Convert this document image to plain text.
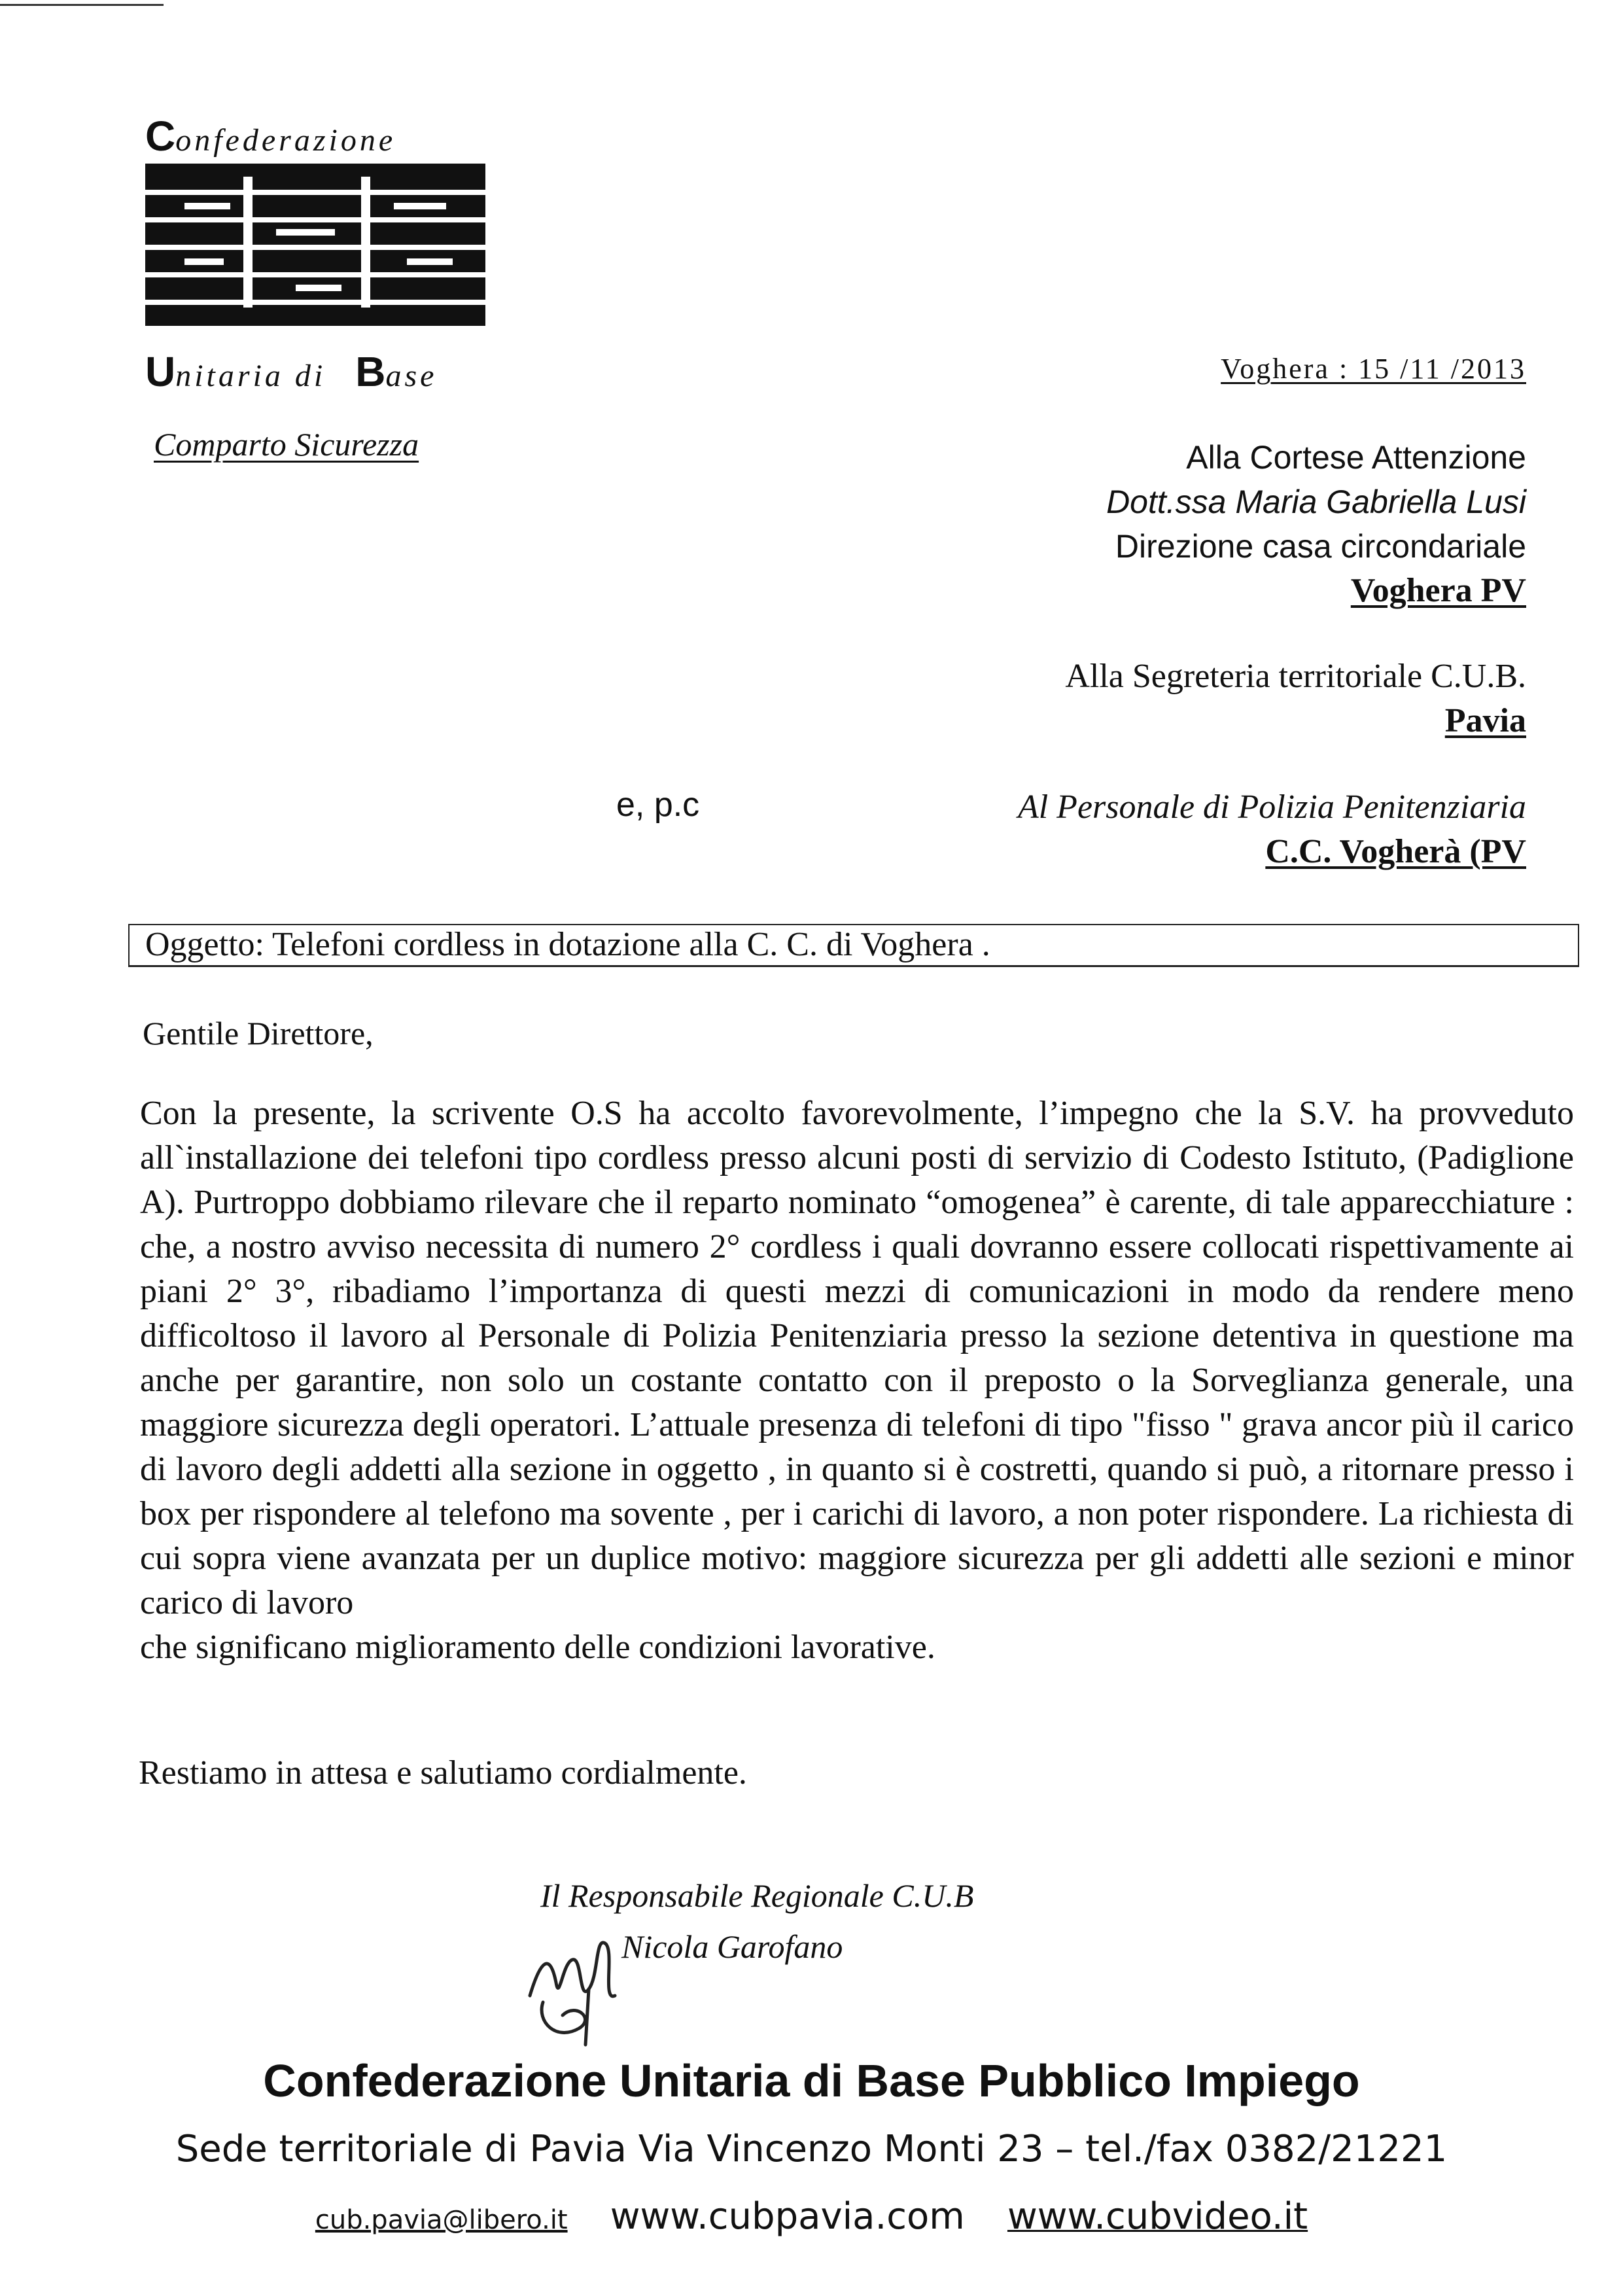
Confederazione
Unitaria di Base
Comparto Sicurezza
Voghera : 15 /11 /2013
Alla Cortese Attenzione
Dott.ssa Maria Gabriella Lusi
Direzione casa circondariale
Voghera PV
Alla Segreteria territoriale C.U.B.
Pavia
e, p.c	Al Personale di Polizia Penitenziaria
C.C. Vogherà (PV
Oggetto: Telefoni cordless in dotazione alla C. C. di Voghera .
Gentile Direttore,

Con la presente, la scrivente O.S ha accolto favorevolmente, l’impegno che la S.V. ha provveduto all`installazione dei telefoni tipo cordless presso alcuni posti di servizio di Codesto Istituto, (Padiglione A). Purtroppo dobbiamo rilevare che il reparto nominato “omogenea” è carente, di tale apparecchiature : che, a nostro avviso necessita di numero 2° cordless i quali dovranno essere collocati rispettivamente ai piani 2° 3°, ribadiamo l’importanza di questi mezzi di comunicazioni in modo da rendere meno difficoltoso il lavoro al Personale di Polizia Penitenziaria presso la sezione detentiva in questione ma anche per garantire, non solo un costante contatto con il preposto o la Sorveglianza generale, una maggiore sicurezza degli operatori. L’attuale presenza di telefoni di tipo "fisso " grava ancor più il carico di lavoro degli addetti alla sezione in oggetto , in quanto si è costretti, quando si può, a ritornare presso i box per rispondere al telefono ma sovente , per i carichi di lavoro, a non poter rispondere. La richiesta di cui sopra viene avanzata per un duplice motivo: maggiore sicurezza per gli addetti alle sezioni e minor carico di lavoro

che significano miglioramento delle condizioni lavorative.

Restiamo in attesa e salutiamo cordialmente.
Il Responsabile Regionale C.U.B
Nicola Garofano
Confederazione Unitaria di Base Pubblico Impiego
Sede territoriale di Pavia Via Vincenzo Monti 23 – tel./fax 0382/21221
cub.pavia@libero.it www.cubpavia.com www.cubvideo.it
